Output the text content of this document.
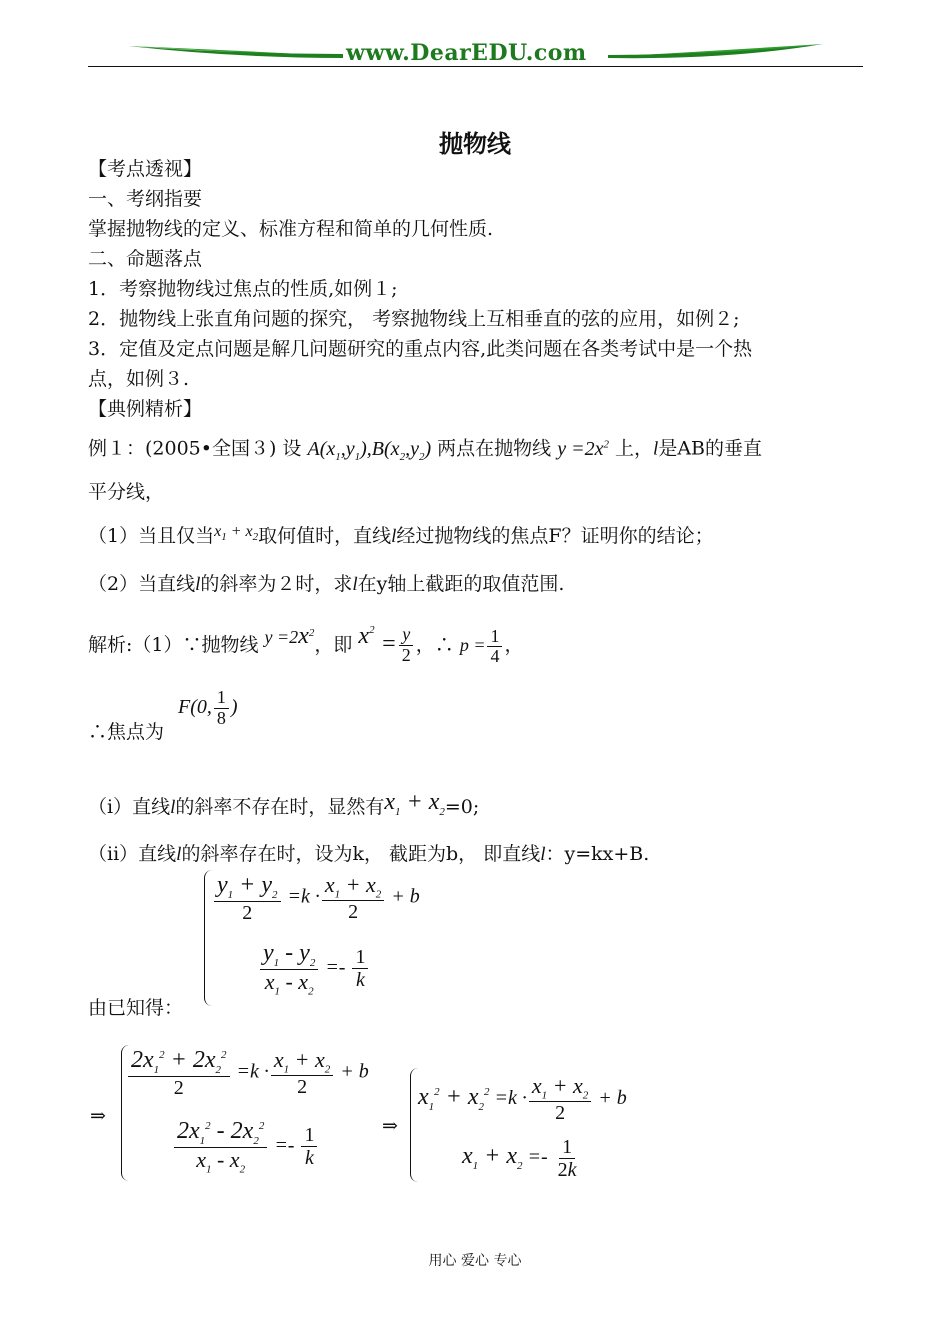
www.DearEDU.com
抛物线
【考点透视】
一、考纲指要
掌握抛物线的定义、标准方程和简单的几何性质.
二、命题落点
1．考察抛物线过焦点的性质,如例１;
2．抛物线上张直角问题的探究， 考察抛物线上互相垂直的弦的应用，如例２;
3．定值及定点问题是解几问题研究的重点内容,此类问题在各类考试中是一个热
点，如例３.
【典例精析】
例１：(2005•全国３) 设 $A(x_1,y_1),B(x_2,y_2)$ 两点在抛物线 $y =2x^2$ 上，l是AB的垂直
平分线，
（1）当且仅当$^{x_1 + x_2}$取何值时，直线l经过抛物线的焦点F？证明你的结论；
（2）当直线l的斜率为２时，求l在y轴上截距的取值范围.
解析:（1）∵抛物线 $y =2x^2$，即 $x^2 = \frac{y}{2}$ ，∴ $p = \frac{1}{4}$ ，
∴焦点为
F(0, $\frac{1}{8}$ )
（i）直线l的斜率不存在时，显然有$x_1 + x_2=0$;
（ii）直线l的斜率存在时，设为k， 截距为b， 即直线l：y=kx+B.
$\frac{y_1 + y_2}{2} =k \cdot \frac{x_1 + x_2}{2} + b$
$\frac{y_1 - y_2}{x_1 - x_2} =- \frac{1}{k}$
由已知得：
⇒
$\frac{2x_1^2 + 2x_2^2}{2} =k \cdot \frac{x_1 + x_2}{2} + b$
$\frac{2x_1^2 - 2x_2^2}{x_1 - x_2} =- \frac{1}{k}$	⇒
$x_1^2 + x_2^2 =k \cdot \frac{x_1 + x_2}{2} + b$
$x_1 + x_2 =- \frac{1}{2k}$
用心 爱心 专心
